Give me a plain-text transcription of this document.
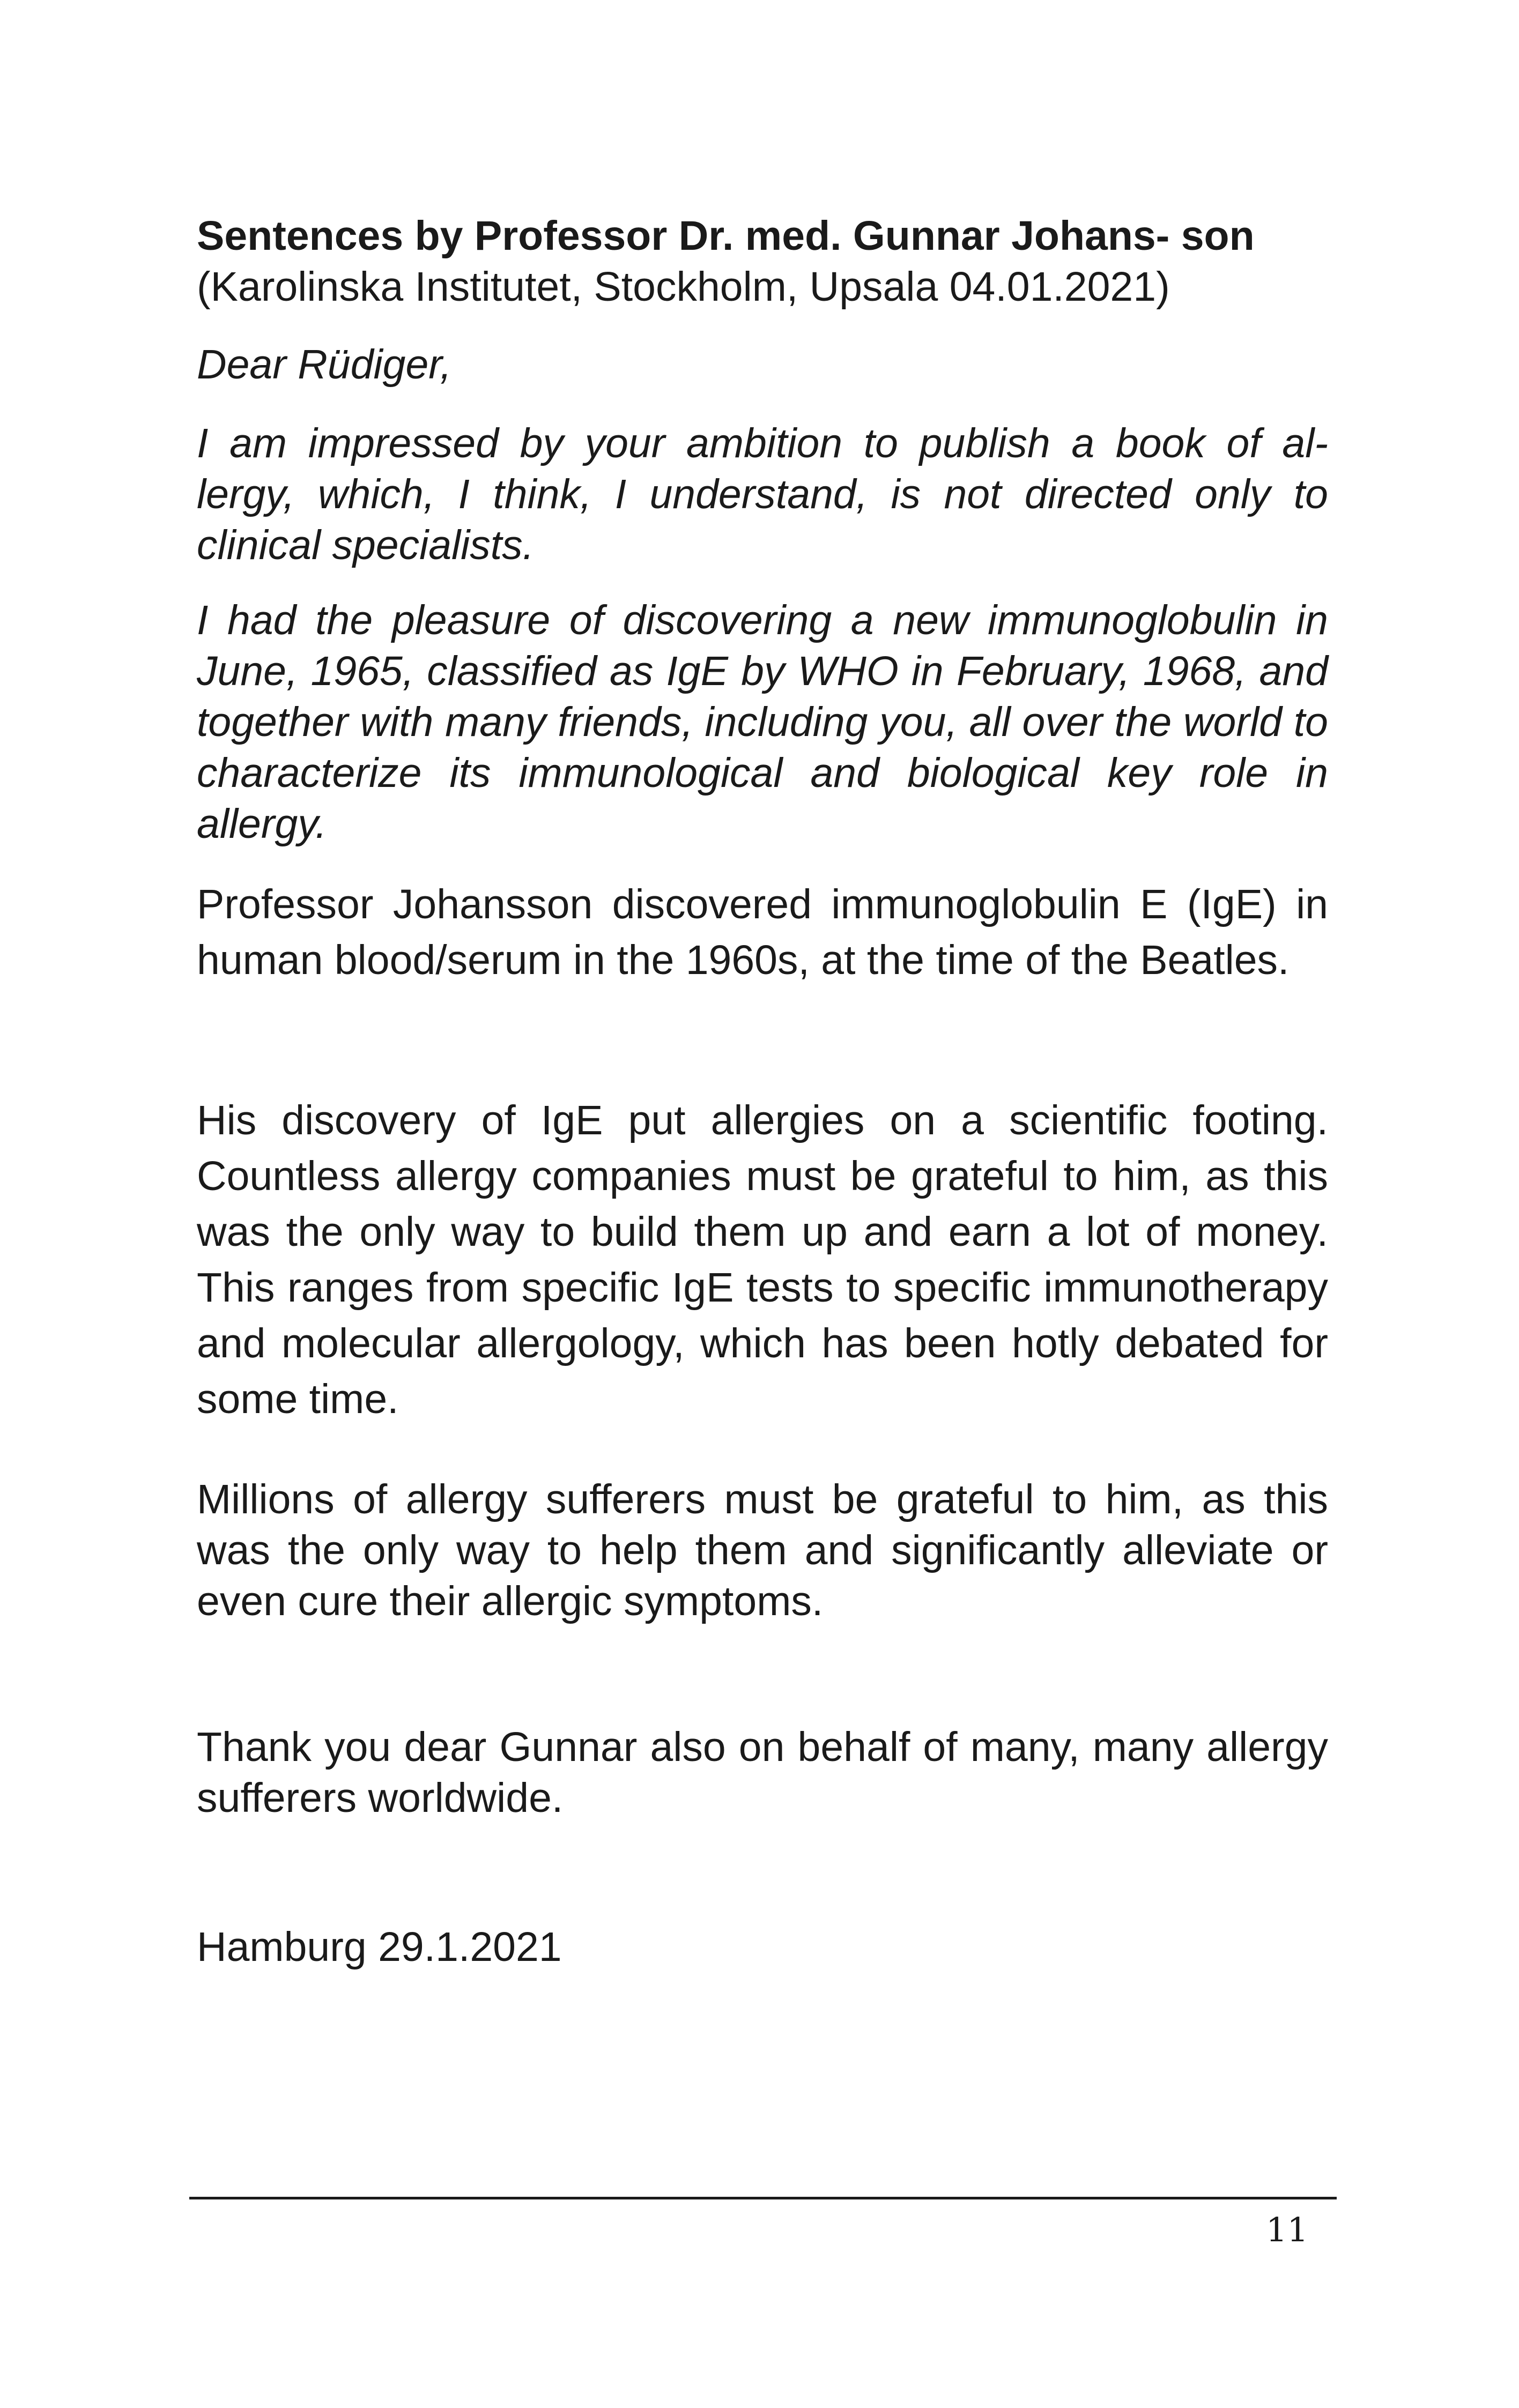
Sentences by Professor Dr. med. Gunnar Johans- son

(Karolinska Institutet, Stockholm, Upsala 04.01.2021)

Dear Rüdiger,

I am impressed by your ambition to publish a book of al- lergy, which, I think, I understand, is not directed only to clinical specialists.

I had the pleasure of discovering a new immunoglobulin in June, 1965, classified as IgE by WHO in February, 1968, and together with many friends, including you, all over the world to characterize its immunological and biological key role in allergy.

Professor Johansson discovered immunoglobulin E (IgE) in human blood/serum in the 1960s, at the time of the Beatles.

His discovery of IgE put allergies on a scientific footing. Countless allergy companies must be grateful to him, as this was the only way to build them up and earn a lot of money. This ranges from specific IgE tests to specific immunotherapy and molecular allergology, which has been hotly debated for some time.

Millions of allergy sufferers must be grateful to him, as this was the only way to help them and significantly alleviate or even cure their allergic symptoms.

Thank you dear Gunnar also on behalf of many, many allergy sufferers worldwide.

Hamburg 29.1.2021

11
